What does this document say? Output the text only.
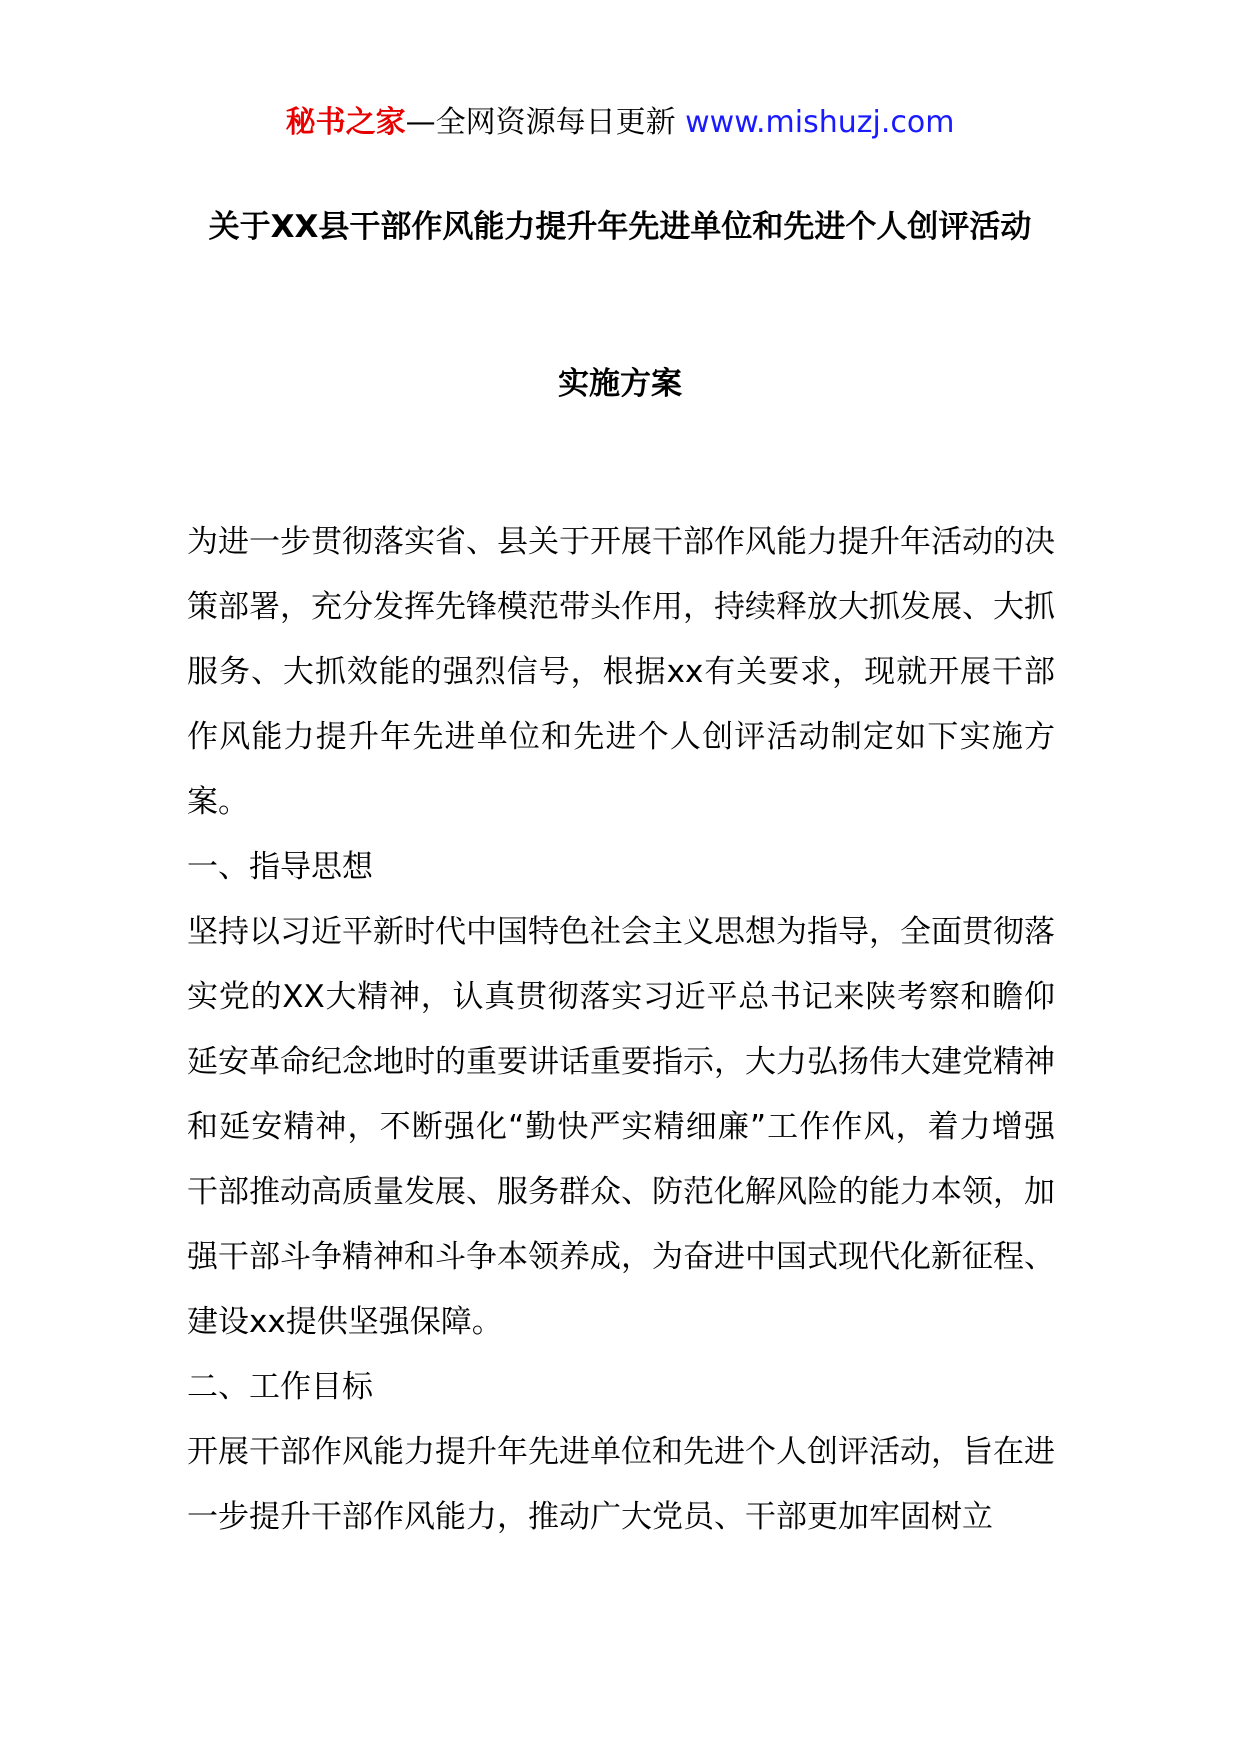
秘书之家—全网资源每日更新 www.mishuzj.com
关于XX县干部作风能力提升年先进单位和先进个人创评活动
实施方案

为进一步贯彻落实省、县关于开展干部作风能力提升年活动的决策部署，充分发挥先锋模范带头作用，持续释放大抓发展、大抓服务、大抓效能的强烈信号，根据xx有关要求，现就开展干部作风能力提升年先进单位和先进个人创评活动制定如下实施方案。

一、指导思想

坚持以习近平新时代中国特色社会主义思想为指导，全面贯彻落实党的XX大精神，认真贯彻落实习近平总书记来陕考察和瞻仰延安革命纪念地时的重要讲话重要指示，大力弘扬伟大建党精神和延安精神，不断强化“勤快严实精细廉”工作作风，着力增强干部推动高质量发展、服务群众、防范化解风险的能力本领，加强干部斗争精神和斗争本领养成，为奋进中国式现代化新征程、建设xx提供坚强保障。

二、工作目标

开展干部作风能力提升年先进单位和先进个人创评活动，旨在进一步提升干部作风能力，推动广大党员、干部更加牢固树立
